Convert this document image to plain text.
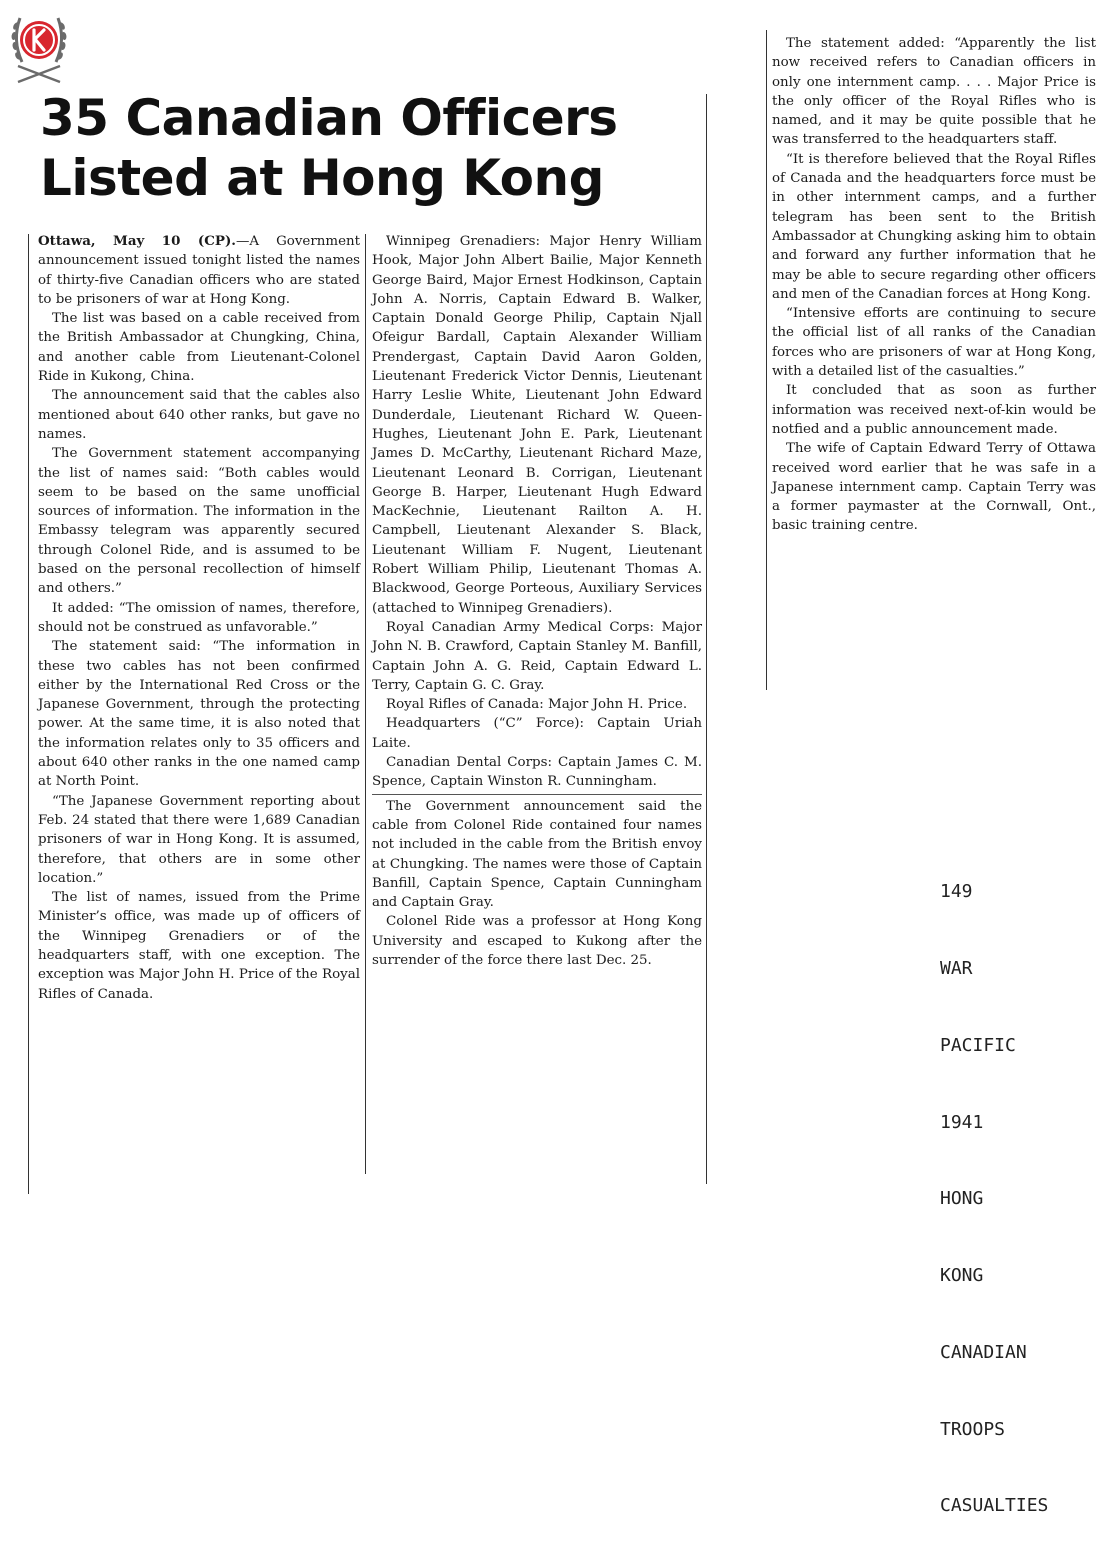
35 Canadian Officers
Listed at Hong Kong

Ottawa, May 10 (CP).—A Government announcement issued tonight listed the names of thirty-five Canadian officers who are stated to be prisoners of war at Hong Kong.

The list was based on a cable received from the British Ambassador at Chungking, China, and another cable from Lieutenant-Colonel Ride in Kukong, China.

The announcement said that the cables also mentioned about 640 other ranks, but gave no names.

The Government statement accompanying the list of names said: “Both cables would seem to be based on the same unofficial sources of information. The information in the Embassy telegram was apparently secured through Colonel Ride, and is assumed to be based on the personal recollection of himself and others.”

It added: “The omission of names, therefore, should not be construed as unfavorable.”

The statement said: “The information in these two cables has not been confirmed either by the International Red Cross or the Japanese Government, through the protecting power. At the same time, it is also noted that the information relates only to 35 officers and about 640 other ranks in the one named camp at North Point.

“The Japanese Government reporting about Feb. 24 stated that there were 1,689 Canadian prisoners of war in Hong Kong. It is assumed, therefore, that others are in some other location.”

The list of names, issued from the Prime Minister’s office, was made up of officers of the Winnipeg Grenadiers or of the headquarters staff, with one exception. The exception was Major John H. Price of the Royal Rifles of Canada.

Winnipeg Grenadiers: Major Henry William Hook, Major John Albert Bailie, Major Kenneth George Baird, Major Ernest Hodkinson, Captain John A. Norris, Captain Edward B. Walker, Captain Donald George Philip, Captain Njall Ofeigur Bardall, Captain Alexander William Prendergast, Captain David Aaron Golden, Lieutenant Frederick Victor Dennis, Lieutenant Harry Leslie White, Lieutenant John Edward Dunderdale, Lieutenant Richard W. Queen-Hughes, Lieutenant John E. Park, Lieutenant James D. McCarthy, Lieutenant Richard Maze, Lieutenant Leonard B. Corrigan, Lieutenant George B. Harper, Lieutenant Hugh Edward MacKechnie, Lieutenant Railton A. H. Campbell, Lieutenant Alexander S. Black, Lieutenant William F. Nugent, Lieutenant Robert William Philip, Lieutenant Thomas A. Blackwood, George Porteous, Auxiliary Services (attached to Winnipeg Grenadiers).

Royal Canadian Army Medical Corps: Major John N. B. Crawford, Captain Stanley M. Banfill, Captain John A. G. Reid, Captain Edward L. Terry, Captain G. C. Gray.

Royal Rifles of Canada: Major John H. Price.

Headquarters (“C” Force): Captain Uriah Laite.

Canadian Dental Corps: Captain James C. M. Spence, Captain Winston R. Cunningham.

The Government announcement said the cable from Colonel Ride contained four names not included in the cable from the British envoy at Chungking. The names were those of Captain Banfill, Captain Spence, Captain Cunningham and Captain Gray.

Colonel Ride was a professor at Hong Kong University and escaped to Kukong after the surrender of the force there last Dec. 25.

The statement added: “Apparently the list now received refers to Canadian officers in only one internment camp. . . . Major Price is the only officer of the Royal Rifles who is named, and it may be quite possible that he was transferred to the headquarters staff.

“It is therefore believed that the Royal Rifles of Canada and the headquarters force must be in other internment camps, and a further telegram has been sent to the British Ambassador at Chungking asking him to obtain and forward any further information that he may be able to secure regarding other officers and men of the Canadian forces at Hong Kong.

“Intensive efforts are continuing to secure the official list of all ranks of the Canadian forces who are prisoners of war at Hong Kong, with a detailed list of the casualties.”

It concluded that as soon as further information was received next-of-kin would be notfied and a public announcement made.

The wife of Captain Edward Terry of Ottawa received word earlier that he was safe in a Japanese internment camp. Captain Terry was a former paymaster at the Cornwall, Ont., basic training centre.

149

WAR

PACIFIC

1941

HONG

KONG

CANADIAN

TROOPS

CASUALTIES
